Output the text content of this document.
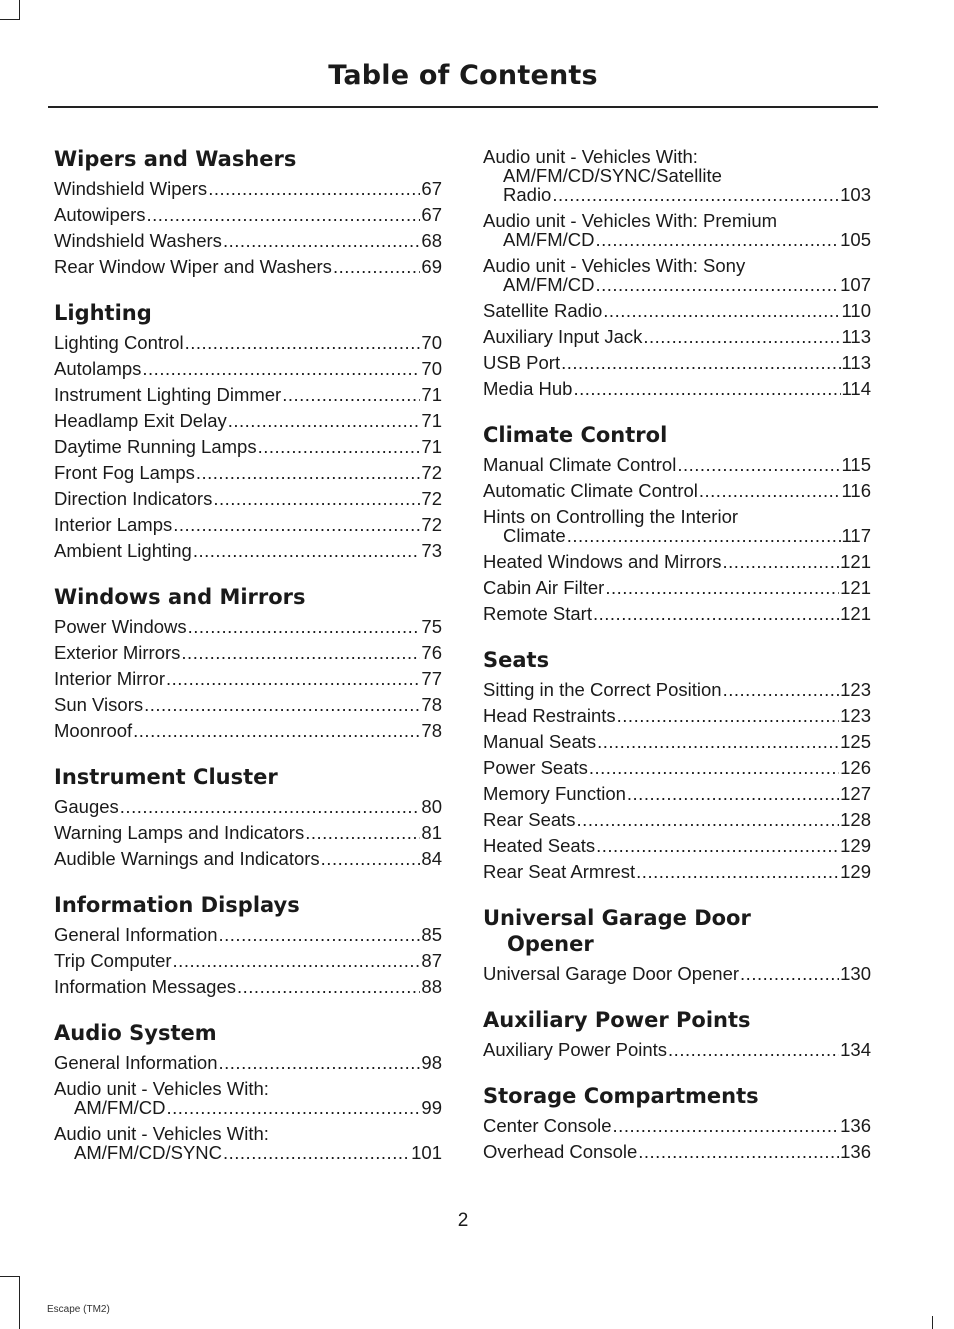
Table of Contents
Wipers and Washers
Windshield Wipers .....	67
Autowipers .....	67
Windshield Washers .....	68
Rear Window Wiper and Washers .....	69
Lighting
Lighting Control .....	70
Autolamps .....	70
Instrument Lighting Dimmer .....	71
Headlamp Exit Delay .....	71
Daytime Running Lamps .....	71
Front Fog Lamps .....	72
Direction Indicators .....	72
Interior Lamps .....	72
Ambient Lighting .....	73
Windows and Mirrors
Power Windows .....	75
Exterior Mirrors .....	76
Interior Mirror .....	77
Sun Visors .....	78
Moonroof .....	78
Instrument Cluster
Gauges .....	80
Warning Lamps and Indicators .....	81
Audible Warnings and Indicators .....	84
Information Displays
General Information .....	85
Trip Computer .....	87
Information Messages .....	88
Audio System
General Information .....	98
Audio unit - Vehicles With:
AM/FM/CD .....	99
Audio unit - Vehicles With:
AM/FM/CD/SYNC .....	101
Audio unit - Vehicles With:
AM/FM/CD/SYNC/Satellite
Radio .....	103
Audio unit - Vehicles With: Premium
AM/FM/CD .....	105
Audio unit - Vehicles With: Sony
AM/FM/CD .....	107
Satellite Radio .....	110
Auxiliary Input Jack .....	113
USB Port .....	113
Media Hub .....	114
Climate Control
Manual Climate Control .....	115
Automatic Climate Control .....	116
Hints on Controlling the Interior
Climate .....	117
Heated Windows and Mirrors .....	121
Cabin Air Filter .....	121
Remote Start .....	121
Seats
Sitting in the Correct Position .....	123
Head Restraints .....	123
Manual Seats .....	125
Power Seats .....	126
Memory Function .....	127
Rear Seats .....	128
Heated Seats .....	129
Rear Seat Armrest .....	129
Universal Garage Door
Opener
Universal Garage Door Opener .....	130
Auxiliary Power Points
Auxiliary Power Points .....	134
Storage Compartments
Center Console .....	136
Overhead Console .....	136
2
Escape (TM2)
